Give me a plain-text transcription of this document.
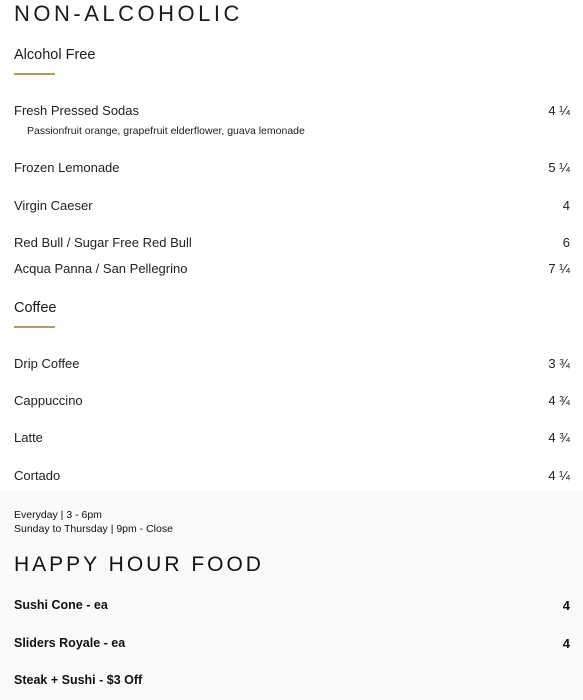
NON-ALCOHOLIC
Alcohol Free
Fresh Pressed Sodas	4 ¼
Passionfruit orange, grapefruit elderflower, guava lemonade
Frozen Lemonade	5 ¼
Virgin Caeser	4
Red Bull / Sugar Free Red Bull	6
Acqua Panna / San Pellegrino	7 ¼
Coffee
Drip Coffee	3 ¾
Cappuccino	4 ¾
Latte	4 ¾
Cortado	4 ¼
Everyday | 3 - 6pm
Sunday to Thursday | 9pm - Close
HAPPY HOUR FOOD
Sushi Cone - ea	4
Sliders Royale - ea	4
Steak + Sushi - $3 Off
